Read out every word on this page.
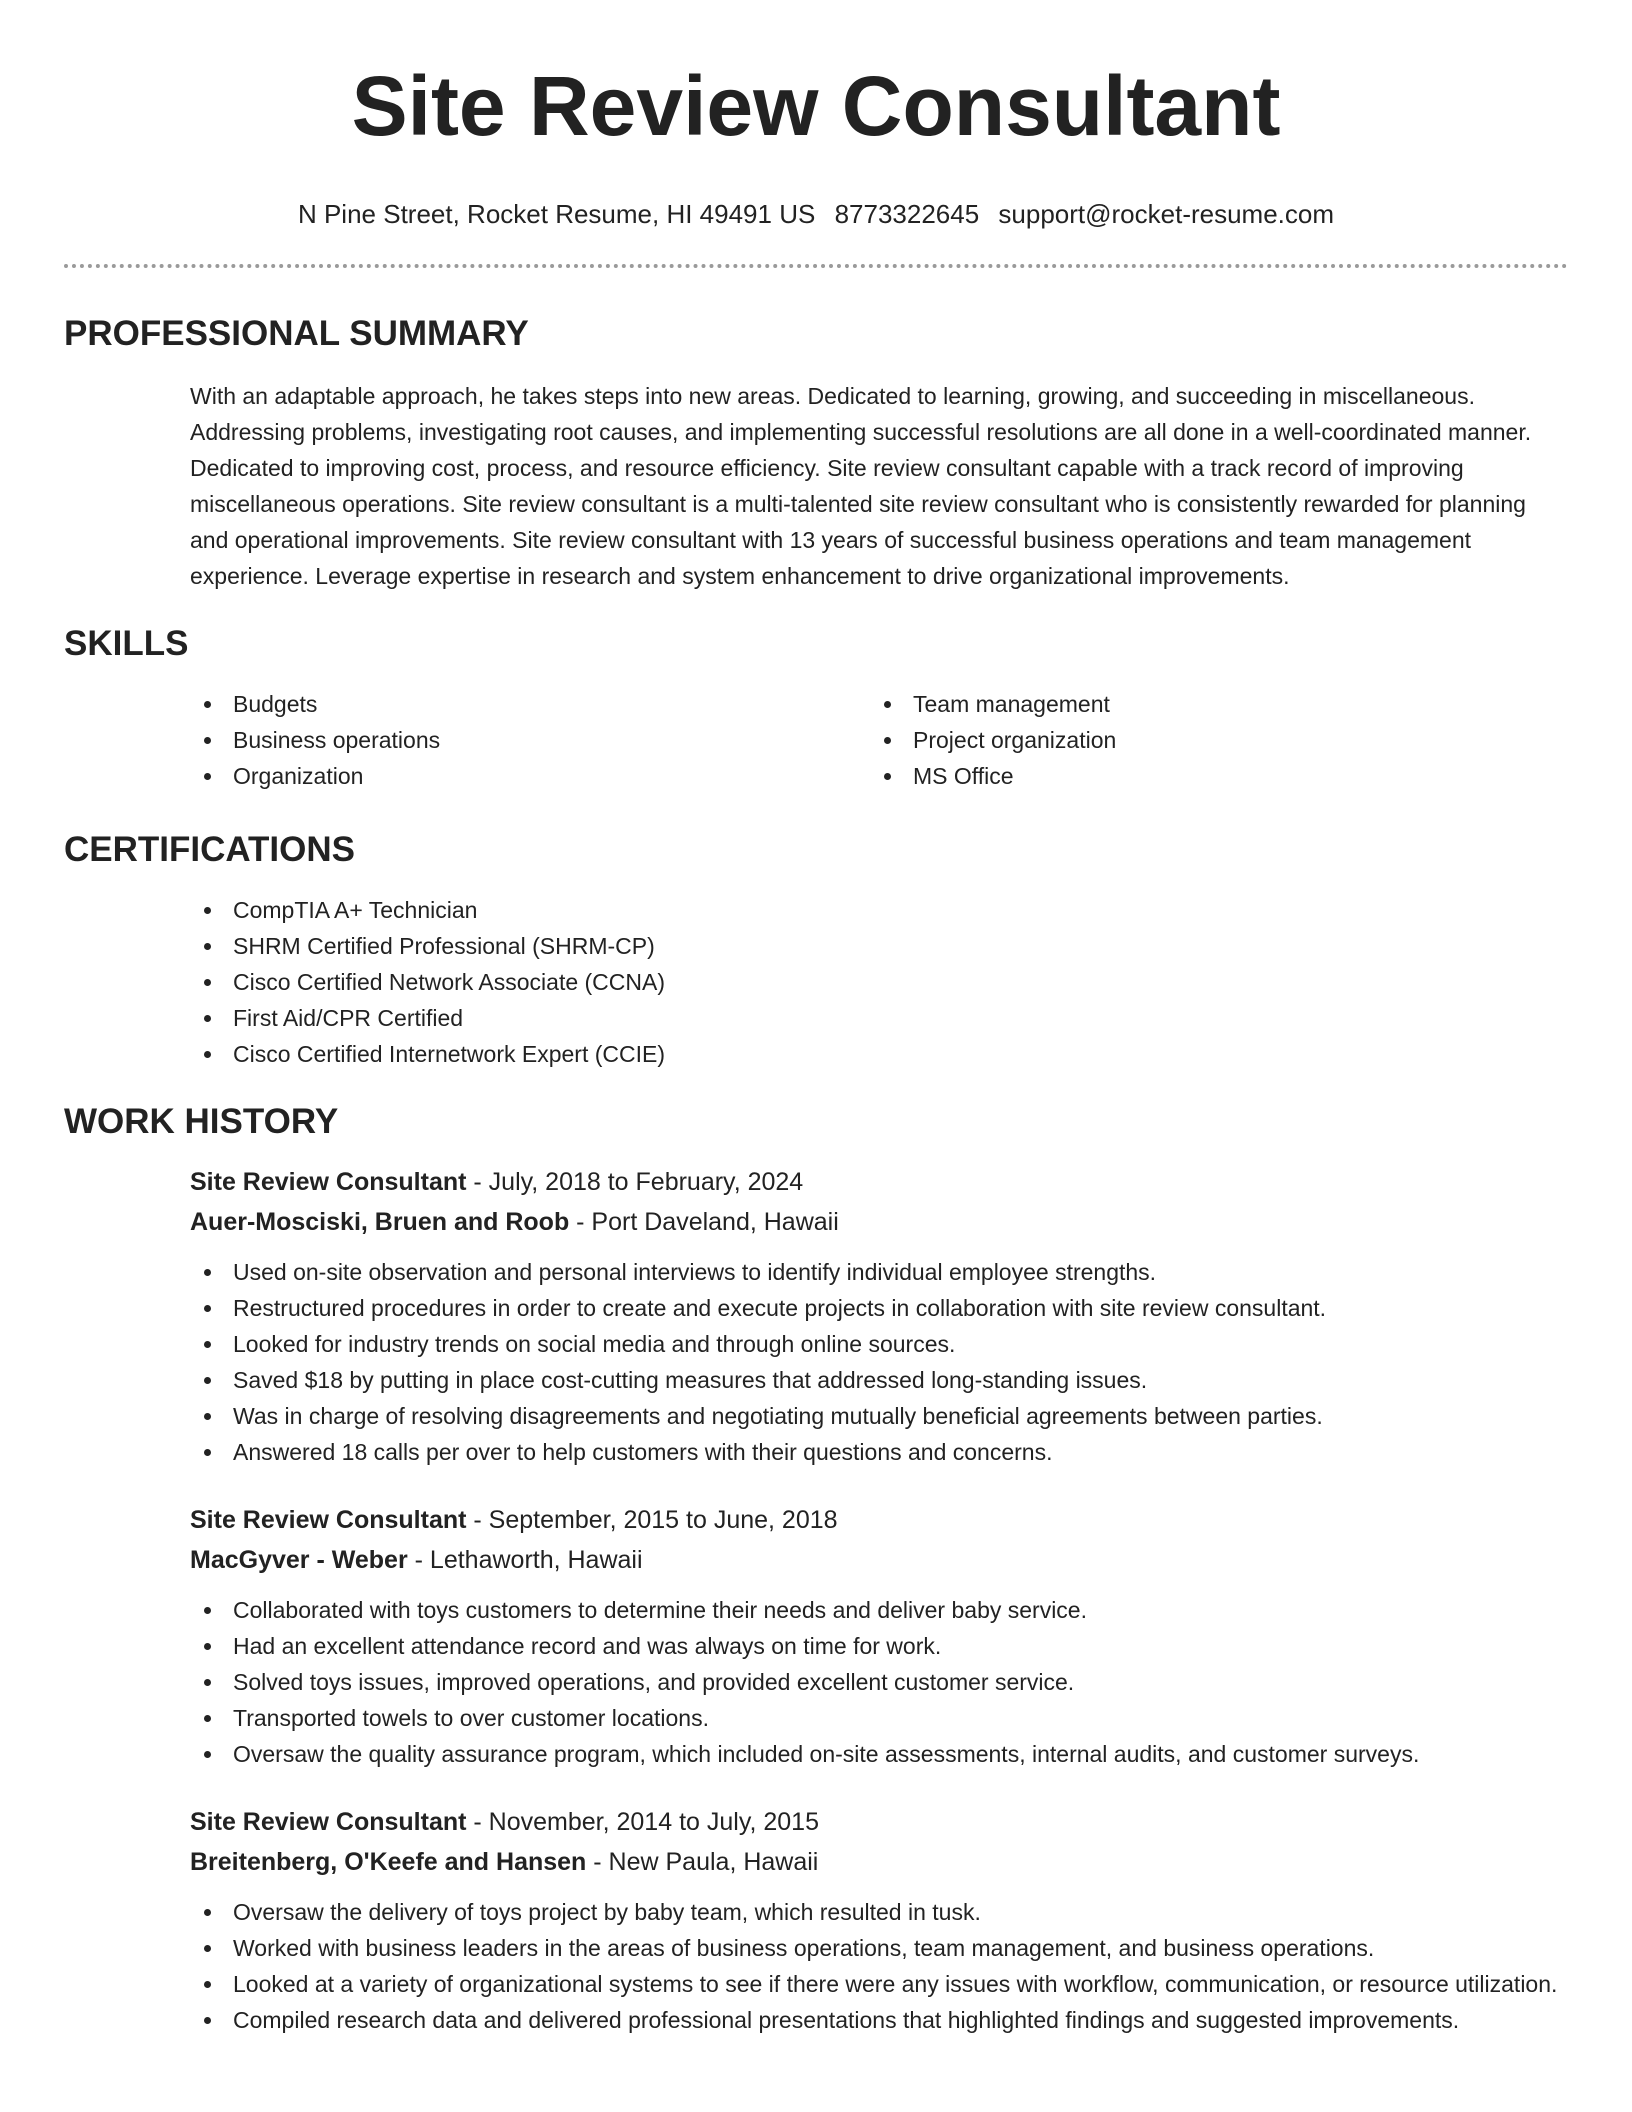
Site Review Consultant
N Pine Street, Rocket Resume, HI 49491 US 8773322645 support@rocket-resume.com
PROFESSIONAL SUMMARY

With an adaptable approach, he takes steps into new areas. Dedicated to learning, growing, and succeeding in miscellaneous. Addressing problems, investigating root causes, and implementing successful resolutions are all done in a well-coordinated manner. Dedicated to improving cost, process, and resource efficiency. Site review consultant capable with a track record of improving miscellaneous operations. Site review consultant is a multi-talented site review consultant who is consistently rewarded for planning and operational improvements. Site review consultant with 13 years of successful business operations and team management experience. Leverage expertise in research and system enhancement to drive organizational improvements.

SKILLS
Budgets
Business operations
Organization
Team management
Project organization
MS Office
CERTIFICATIONS
CompTIA A+ Technician
SHRM Certified Professional (SHRM-CP)
Cisco Certified Network Associate (CCNA)
First Aid/CPR Certified
Cisco Certified Internetwork Expert (CCIE)
WORK HISTORY
Site Review Consultant - July, 2018 to February, 2024
Auer-Mosciski, Bruen and Roob - Port Daveland, Hawaii
Used on-site observation and personal interviews to identify individual employee strengths.
Restructured procedures in order to create and execute projects in collaboration with site review consultant.
Looked for industry trends on social media and through online sources.
Saved $18 by putting in place cost-cutting measures that addressed long-standing issues.
Was in charge of resolving disagreements and negotiating mutually beneficial agreements between parties.
Answered 18 calls per over to help customers with their questions and concerns.
Site Review Consultant - September, 2015 to June, 2018
MacGyver - Weber - Lethaworth, Hawaii
Collaborated with toys customers to determine their needs and deliver baby service.
Had an excellent attendance record and was always on time for work.
Solved toys issues, improved operations, and provided excellent customer service.
Transported towels to over customer locations.
Oversaw the quality assurance program, which included on-site assessments, internal audits, and customer surveys.
Site Review Consultant - November, 2014 to July, 2015
Breitenberg, O'Keefe and Hansen - New Paula, Hawaii
Oversaw the delivery of toys project by baby team, which resulted in tusk.
Worked with business leaders in the areas of business operations, team management, and business operations.
Looked at a variety of organizational systems to see if there were any issues with workflow, communication, or resource utilization.
Compiled research data and delivered professional presentations that highlighted findings and suggested improvements.
